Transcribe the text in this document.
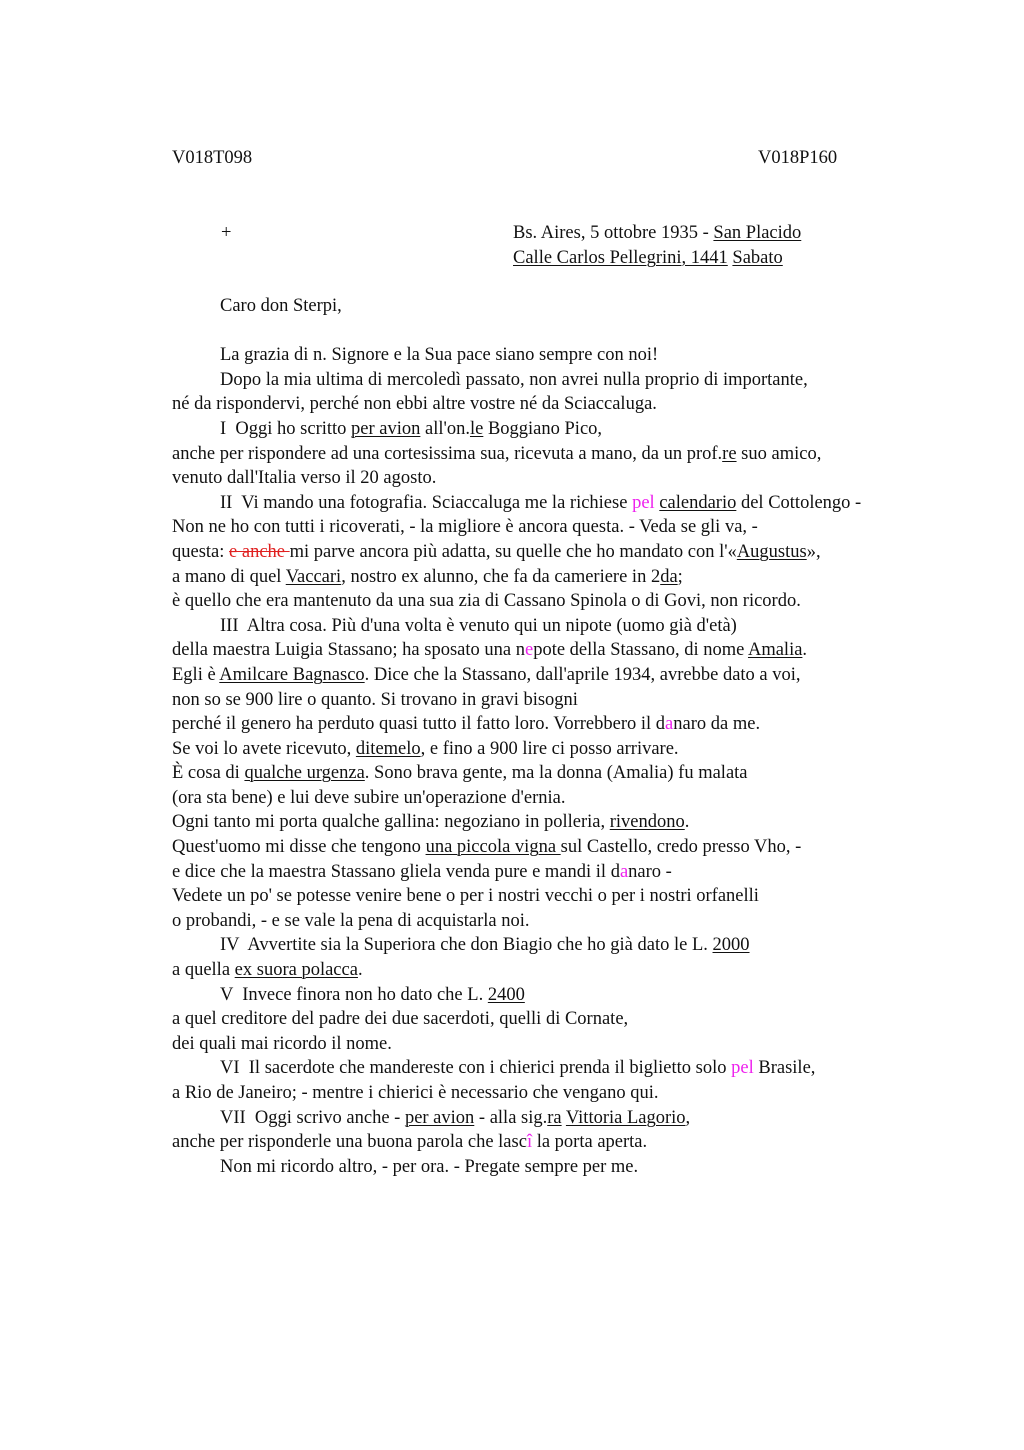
V018T098	V018P160
+	Bs. Aires, 5 ottobre 1935 - San Placido
Calle Carlos Pellegrini, 1441 Sabato
Caro don Sterpi,
La grazia di n. Signore e la Sua pace siano sempre con noi!
Dopo la mia ultima di mercoledì passato, non avrei nulla proprio di importante,
né da rispondervi, perché non ebbi altre vostre né da Sciaccaluga.
I  Oggi ho scritto per avion all'on.le Boggiano Pico,
anche per rispondere ad una cortesissima sua, ricevuta a mano, da un prof.re suo amico,
venuto dall'Italia verso il 20 agosto.
II  Vi mando una fotografia. Sciaccaluga me la richiese pel calendario del Cottolengo -
Non ne ho con tutti i ricoverati, - la migliore è ancora questa. - Veda se gli va, -
questa: e anche mi parve ancora più adatta, su quelle che ho mandato con l'«Augustus»,
a mano di quel Vaccari, nostro ex alunno, che fa da cameriere in 2da;
è quello che era mantenuto da una sua zia di Cassano Spinola o di Govi, non ricordo.
III  Altra cosa. Più d'una volta è venuto qui un nipote (uomo già d'età)
della maestra Luigia Stassano; ha sposato una nepote della Stassano, di nome Amalia.
Egli è Amilcare Bagnasco. Dice che la Stassano, dall'aprile 1934, avrebbe dato a voi,
non so se 900 lire o quanto. Si trovano in gravi bisogni
perché il genero ha perduto quasi tutto il fatto loro. Vorrebbero il danaro da me.
Se voi lo avete ricevuto, ditemelo, e fino a 900 lire ci posso arrivare.
È cosa di qualche urgenza. Sono brava gente, ma la donna (Amalia) fu malata
(ora sta bene) e lui deve subire un'operazione d'ernia.
Ogni tanto mi porta qualche gallina: negoziano in polleria, rivendono.
Quest'uomo mi disse che tengono una piccola vigna sul Castello, credo presso Vho, -
e dice che la maestra Stassano gliela venda pure e mandi il danaro -
Vedete un po' se potesse venire bene o per i nostri vecchi o per i nostri orfanelli
o probandi, - e se vale la pena di acquistarla noi.
IV  Avvertite sia la Superiora che don Biagio che ho già dato le L. 2000
a quella ex suora polacca.
V  Invece finora non ho dato che L. 2400
a quel creditore del padre dei due sacerdoti, quelli di Cornate,
dei quali mai ricordo il nome.
VI  Il sacerdote che mandereste con i chierici prenda il biglietto solo pel Brasile,
a Rio de Janeiro; - mentre i chierici è necessario che vengano qui.
VII  Oggi scrivo anche - per avion - alla sig.ra Vittoria Lagorio,
anche per risponderle una buona parola che lascî la porta aperta.
Non mi ricordo altro, - per ora. - Pregate sempre per me.
